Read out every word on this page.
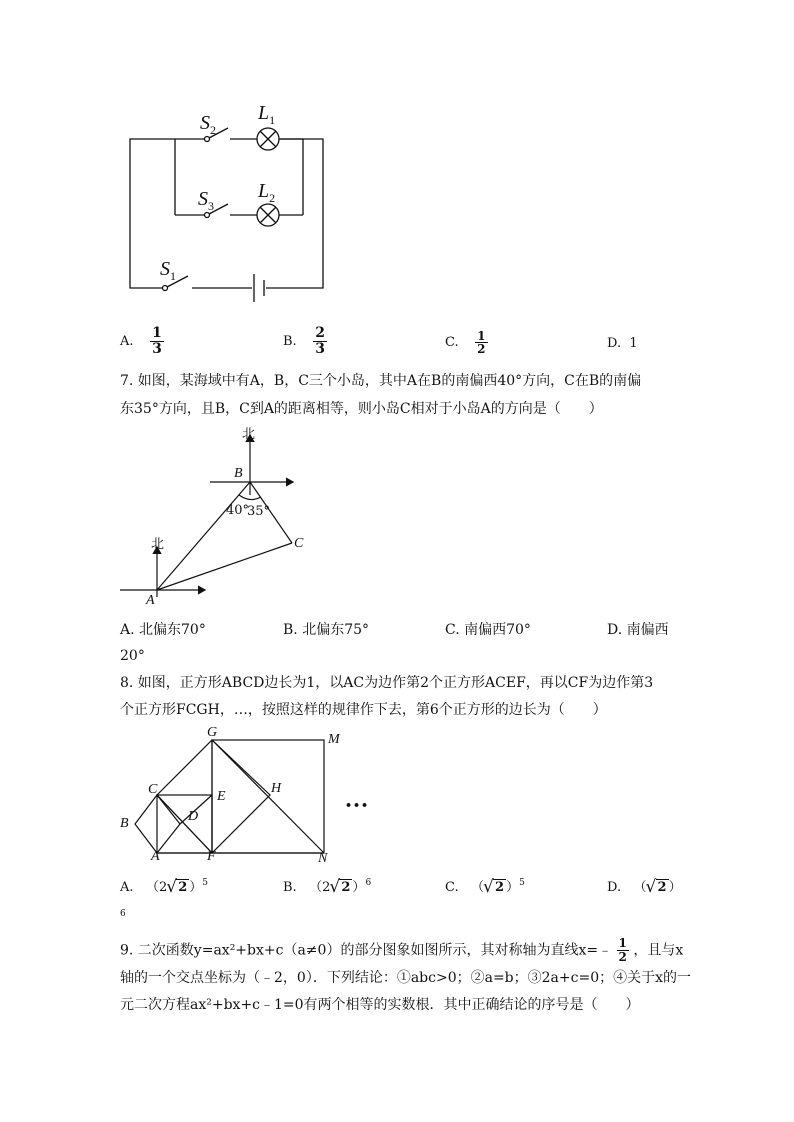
$S_2$
$L_1$
$S_3$
$L_2$
$S_1$
A. $\frac{1}{3}$	B. $\frac{2}{3}$	C. $\frac{1}{2}$	D. 1
7. 如图，某海域中有A，B，C三个小岛，其中A在B的南偏西40°方向，C在B的南偏
东35°方向，且B，C到A的距离相等，则小岛C相对于小岛A的方向是（　　）
北
B
40°
35°
C
北
A
A. 北偏东70°	B. 北偏东75°	C. 南偏西70°	D. 南偏西
20°
8. 如图，正方形ABCD边长为1，以AC为边作第2个正方形ACEF，再以CF为边作第3
个正方形FCGH，…，按照这样的规律作下去，第6个正方形的边长为（　　）
G	M
C	E
H
•••
B	D
A	F	N
A. （2 √ 2 ）$^5$	B. （2 √ 2 ）$^6$	C. （ √ 2 ）$^5$	D. （ √ 2 ）
6
9. 二次函数y=ax²+bx+c（a≠0）的部分图象如图所示，其对称轴为直线x=﹣ $\frac{1}{2}$ ，且与x
轴的一个交点坐标为（﹣2，0）．下列结论：①abc>0；②a=b；③2a+c=0；④关于x的一
元二次方程ax²+bx+c﹣1=0有两个相等的实数根．其中正确结论的序号是（　　）
